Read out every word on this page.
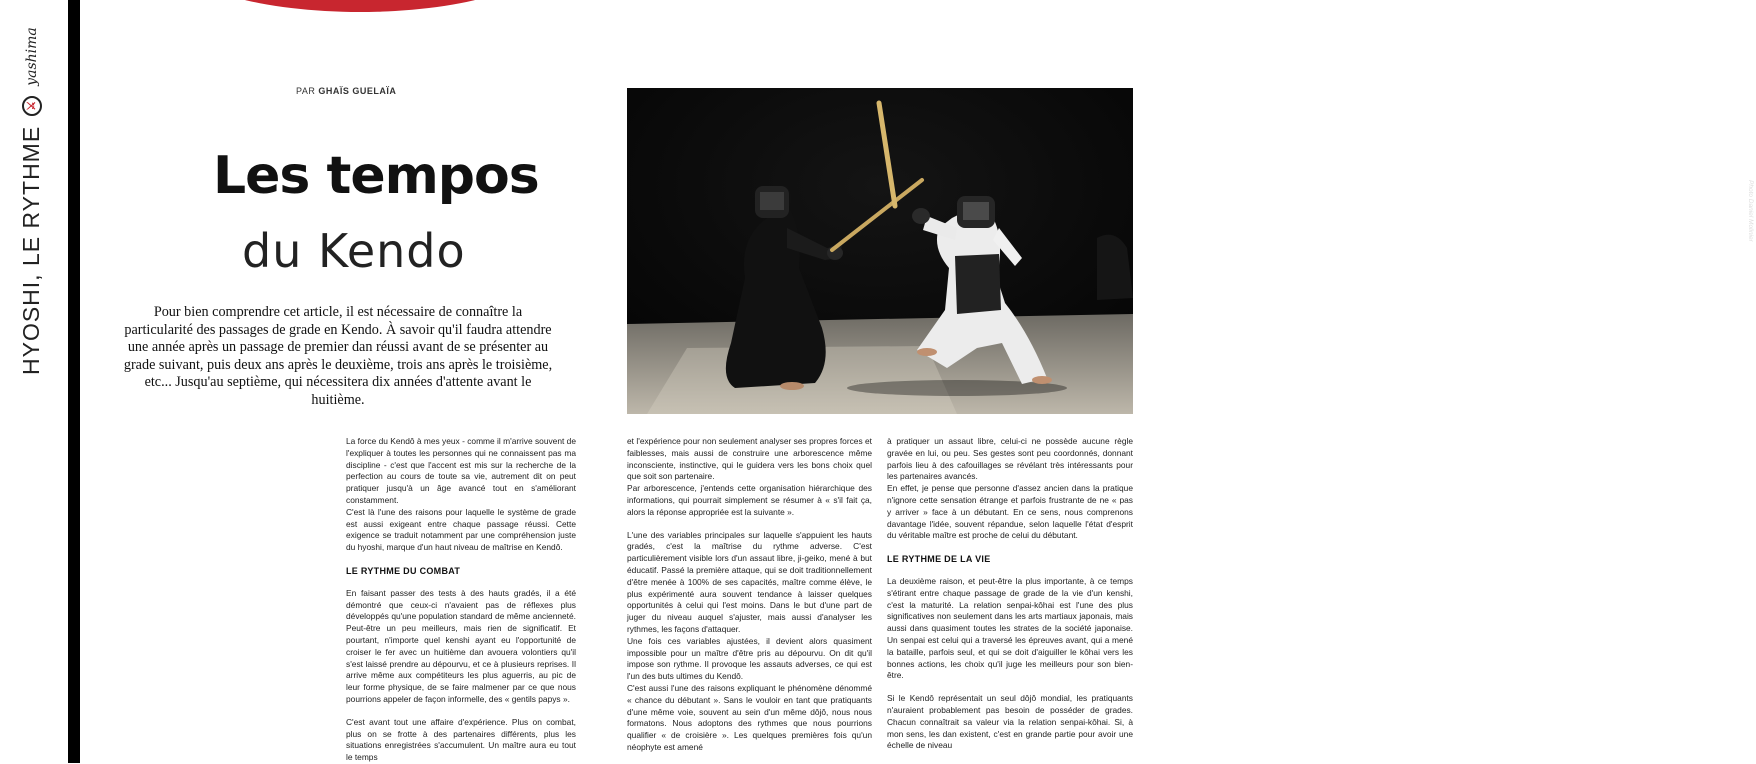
HYOSHI, LE RYTHME
⚔
yashima
PAR GHAÏS GUELAÏA
Les tempos
du Kendo
Pour bien comprendre cet article, il est nécessaire de connaître la particularité des passages de grade en Kendo. À savoir qu'il faudra attendre une année après un passage de premier dan réussi avant de se présenter au grade suivant, puis deux ans après le deuxième, trois ans après le troisième, etc... Jusqu'au septième, qui nécessitera dix années d'attente avant le huitième.
Photo Daniel Molinier

La force du Kendô à mes yeux - comme il m'arrive souvent de l'expliquer à toutes les personnes qui ne connaissent pas ma discipline - c'est que l'accent est mis sur la recherche de la perfection au cours de toute sa vie, autrement dit on peut pratiquer jusqu'à un âge avancé tout en s'améliorant constamment.

C'est là l'une des raisons pour laquelle le système de grade est aussi exigeant entre chaque passage réussi. Cette exigence se traduit notamment par une compréhension juste du hyoshi, marque d'un haut niveau de maîtrise en Kendô.

LE RYTHME DU COMBAT

En faisant passer des tests à des hauts gradés, il a été démontré que ceux-ci n'avaient pas de réflexes plus développés qu'une population standard de même ancienneté. Peut-être un peu meilleurs, mais rien de significatif. Et pourtant, n'importe quel kenshi ayant eu l'opportunité de croiser le fer avec un huitième dan avouera volontiers qu'il s'est laissé prendre au dépourvu, et ce à plusieurs reprises. Il arrive même aux compétiteurs les plus aguerris, au pic de leur forme physique, de se faire malmener par ce que nous pourrions appeler de façon informelle, des « gentils papys ».

C'est avant tout une affaire d'expérience. Plus on combat, plus on se frotte à des partenaires différents, plus les situations enregistrées s'accumulent. Un maître aura eu tout le temps

et l'expérience pour non seulement analyser ses propres forces et faiblesses, mais aussi de construire une arborescence même inconsciente, instinctive, qui le guidera vers les bons choix quel que soit son partenaire.

Par arborescence, j'entends cette organisation hiérarchique des informations, qui pourrait simplement se résumer à « s'il fait ça, alors la réponse appropriée est la suivante ».

L'une des variables principales sur laquelle s'appuient les hauts gradés, c'est la maîtrise du rythme adverse. C'est particulièrement visible lors d'un assaut libre, ji-geiko, mené à but éducatif. Passé la première attaque, qui se doit traditionnellement d'être menée à 100% de ses capacités, maître comme élève, le plus expérimenté aura souvent tendance à laisser quelques opportunités à celui qui l'est moins. Dans le but d'une part de juger du niveau auquel s'ajuster, mais aussi d'analyser les rythmes, les façons d'attaquer.

Une fois ces variables ajustées, il devient alors quasiment impossible pour un maître d'être pris au dépourvu. On dit qu'il impose son rythme. Il provoque les assauts adverses, ce qui est l'un des buts ultimes du Kendô.

C'est aussi l'une des raisons expliquant le phénomène dénommé « chance du débutant ». Sans le vouloir en tant que pratiquants d'une même voie, souvent au sein d'un même dôjô, nous nous formatons. Nous adoptons des rythmes que nous pourrions qualifier « de croisière ». Les quelques premières fois qu'un néophyte est amené

à pratiquer un assaut libre, celui-ci ne possède aucune règle gravée en lui, ou peu. Ses gestes sont peu coordonnés, donnant parfois lieu à des cafouillages se révélant très intéressants pour les partenaires avancés.

En effet, je pense que personne d'assez ancien dans la pratique n'ignore cette sensation étrange et parfois frustrante de ne « pas y arriver » face à un débutant. En ce sens, nous comprenons davantage l'idée, souvent répandue, selon laquelle l'état d'esprit du véritable maître est proche de celui du débutant.

LE RYTHME DE LA VIE

La deuxième raison, et peut-être la plus importante, à ce temps s'étirant entre chaque passage de grade de la vie d'un kenshi, c'est la maturité. La relation senpai-kôhai est l'une des plus significatives non seulement dans les arts martiaux japonais, mais aussi dans quasiment toutes les strates de la société japonaise. Un senpai est celui qui a traversé les épreuves avant, qui a mené la bataille, parfois seul, et qui se doit d'aiguiller le kôhai vers les bonnes actions, les choix qu'il juge les meilleurs pour son bien-être.

Si le Kendô représentait un seul dôjô mondial, les pratiquants n'auraient probablement pas besoin de posséder de grades. Chacun connaîtrait sa valeur via la relation senpai-kôhai. Si, à mon sens, les dan existent, c'est en grande partie pour avoir une échelle de niveau
